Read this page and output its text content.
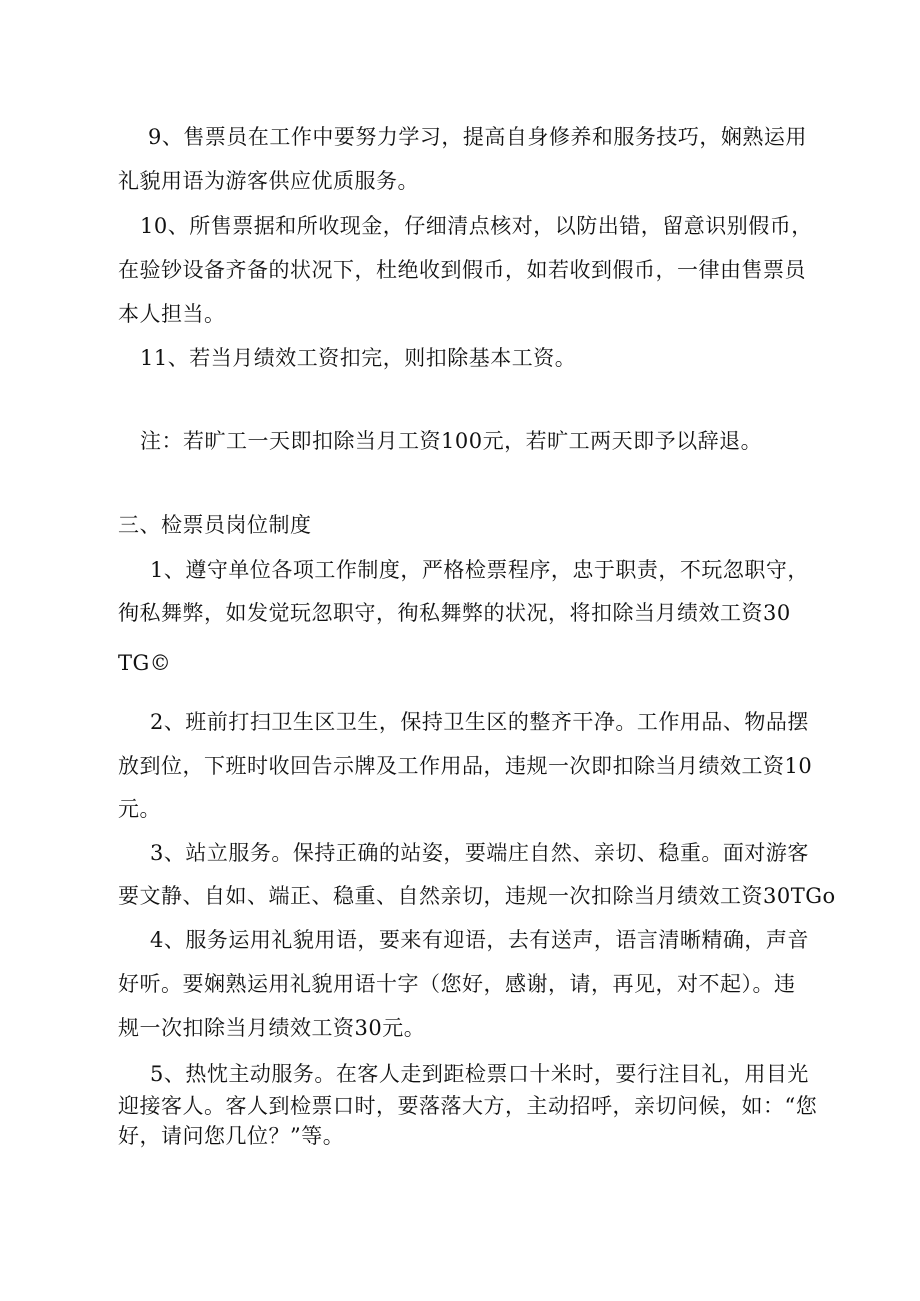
9、售票员在工作中要努力学习，提高自身修养和服务技巧，娴熟运用
礼貌用语为游客供应优质服务。
10、所售票据和所收现金，仔细清点核对，以防出错，留意识别假币，
在验钞设备齐备的状况下，杜绝收到假币，如若收到假币，一律由售票员
本人担当。
11、若当月绩效工资扣完，则扣除基本工资。
注：若旷工一天即扣除当月工资100元，若旷工两天即予以辞退。
三、检票员岗位制度
1、遵守单位各项工作制度，严格检票程序，忠于职责，不玩忽职守，
徇私舞弊，如发觉玩忽职守，徇私舞弊的状况，将扣除当月绩效工资30
TG©
2、班前打扫卫生区卫生，保持卫生区的整齐干净。工作用品、物品摆
放到位，下班时收回告示牌及工作用品，违规一次即扣除当月绩效工资10
元。
3、站立服务。保持正确的站姿，要端庄自然、亲切、稳重。面对游客
要文静、自如、端正、稳重、自然亲切，违规一次扣除当月绩效工资30TGo
4、服务运用礼貌用语，要来有迎语，去有送声，语言清晰精确，声音
好听。要娴熟运用礼貌用语十字（您好，感谢，请，再见，对不起）。违
规一次扣除当月绩效工资30元。
5、热忱主动服务。在客人走到距检票口十米时，要行注目礼，用目光
迎接客人。客人到检票口时，要落落大方，主动招呼，亲切问候，如：“您
好，请问您几位？”等。
